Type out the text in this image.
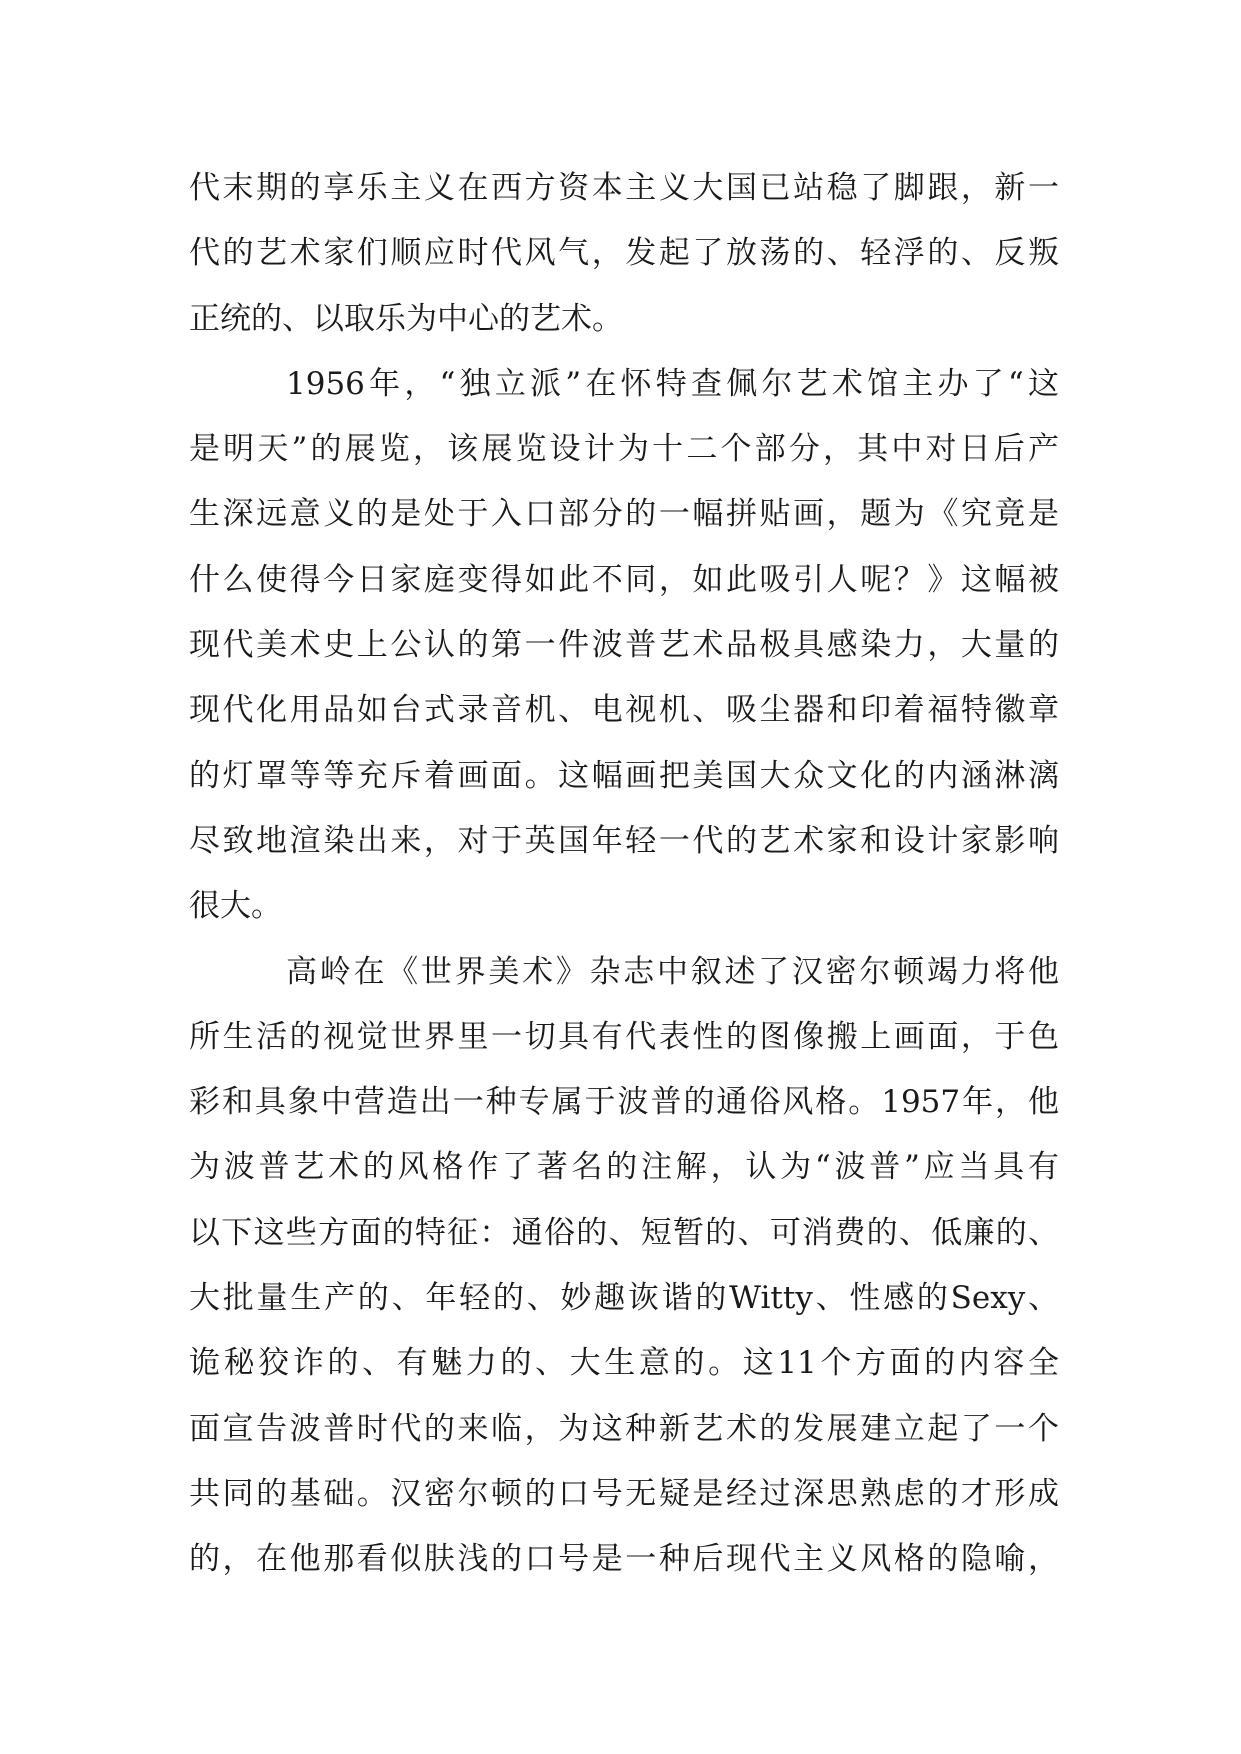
代末期的享乐主义在西方资本主义大国已站稳了脚跟，新一
代的艺术家们顺应时代风气，发起了放荡的、轻浮的、反叛
正统的、以取乐为中心的艺术。
1956年，“独立派”在怀特查佩尔艺术馆主办了“这
是明天”的展览，该展览设计为十二个部分，其中对日后产
生深远意义的是处于入口部分的一幅拼贴画，题为《究竟是
什么使得今日家庭变得如此不同，如此吸引人呢？》这幅被
现代美术史上公认的第一件波普艺术品极具感染力，大量的
现代化用品如台式录音机、电视机、吸尘器和印着福特徽章
的灯罩等等充斥着画面。这幅画把美国大众文化的内涵淋漓
尽致地渲染出来，对于英国年轻一代的艺术家和设计家影响
很大。
高岭在《世界美术》杂志中叙述了汉密尔顿竭力将他
所生活的视觉世界里一切具有代表性的图像搬上画面，于色
彩和具象中营造出一种专属于波普的通俗风格。1957年，他
为波普艺术的风格作了著名的注解，认为“波普”应当具有
以下这些方面的特征：通俗的、短暂的、可消费的、低廉的、
大批量生产的、年轻的、妙趣诙谐的Witty、性感的Sexy、
诡秘狡诈的、有魅力的、大生意的。这11个方面的内容全
面宣告波普时代的来临，为这种新艺术的发展建立起了一个
共同的基础。汉密尔顿的口号无疑是经过深思熟虑的才形成
的，在他那看似肤浅的口号是一种后现代主义风格的隐喻，
